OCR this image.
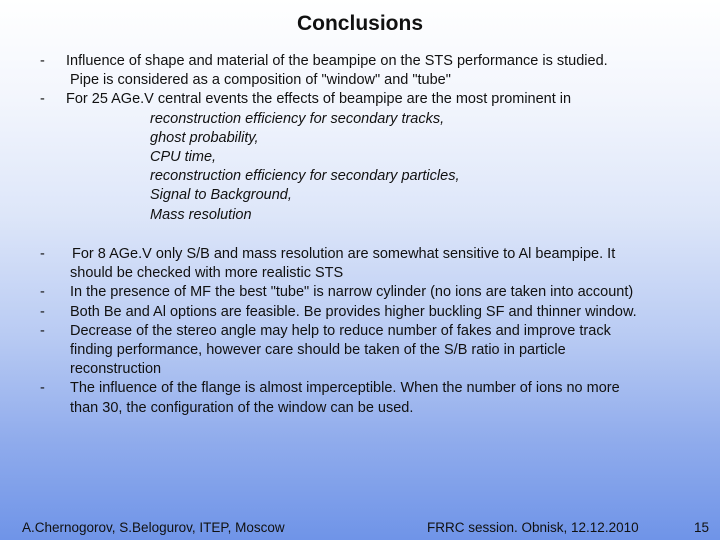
Conclusions
- Influence of shape and material of the beampipe on the STS performance is studied.
Pipe is considered as a composition of "window" and "tube"
- For 25 AGe.V central events the effects of beampipe are the most prominent in
reconstruction efficiency for secondary tracks,
ghost probability,
CPU time,
reconstruction efficiency for secondary particles,
Signal to Background,
Mass resolution
-	For 8 AGe.V only S/B and mass resolution are somewhat sensitive to Al beampipe. It
should be checked with more realistic STS
-	In the presence of MF the best "tube" is narrow cylinder (no ions are taken into account)
-	Both Be and Al options are feasible. Be provides higher buckling SF and thinner window.
-	Decrease of the stereo angle may help to reduce number of fakes and improve track
finding performance, however care should be taken of the S/B ratio in particle
reconstruction
-	The influence of the flange is almost imperceptible. When the number of ions no more
than 30, the configuration of the window can be used.
A.Chernogorov, S.Belogurov, ITEP, Moscow	FRRC session. Obnisk, 12.12.2010	15
